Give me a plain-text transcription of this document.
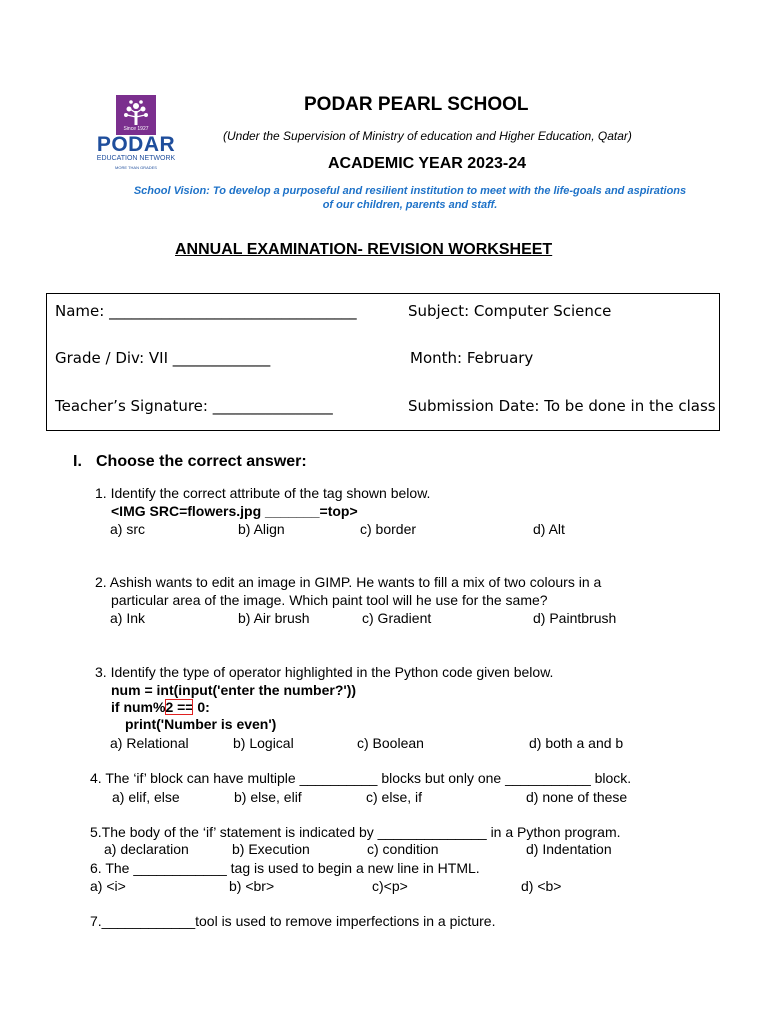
Since 1927
PODAR
EDUCATION NETWORK
MORE THAN GRADES
PODAR PEARL SCHOOL
(Under the Supervision of Ministry of education and Higher Education, Qatar)
ACADEMIC YEAR 2023-24
School Vision: To develop a purposeful and resilient institution to meet with the life-goals and aspirations of our children, parents and staff.
ANNUAL EXAMINATION- REVISION WORKSHEET
Name: _________________________________	Subject: Computer Science
Grade / Div: VII _____________	Month: February
Teacher’s Signature: ________________	Submission Date: To be done in the class
I. Choose the correct answer:
1. Identify the correct attribute of the tag shown below.
<IMG SRC=flowers.jpg _______=top>
a) src	b) Align	c) border	d) Alt
2. Ashish wants to edit an image in GIMP. He wants to fill a mix of two colours in a
particular area of the image. Which paint tool will he use for the same?
a) Ink	b) Air brush	c) Gradient	d) Paintbrush
3. Identify the type of operator highlighted in the Python code given below.
num = int(input('enter the number?'))
if num%2 == 0:
print('Number is even')
a) Relational	b) Logical	c) Boolean	d) both a and b
4. The ‘if’ block can have multiple __________ blocks but only one ___________ block.
a) elif, else	b) else, elif	c) else, if	d) none of these
5.The body of the ‘if’ statement is indicated by ______________ in a Python program.
a) declaration	b) Execution	c) condition	d) Indentation
6. The ____________ tag is used to begin a new line in HTML.
a) <i>	b) <br>	c)<p>	d) <b>
7.____________tool is used to remove imperfections in a picture.
